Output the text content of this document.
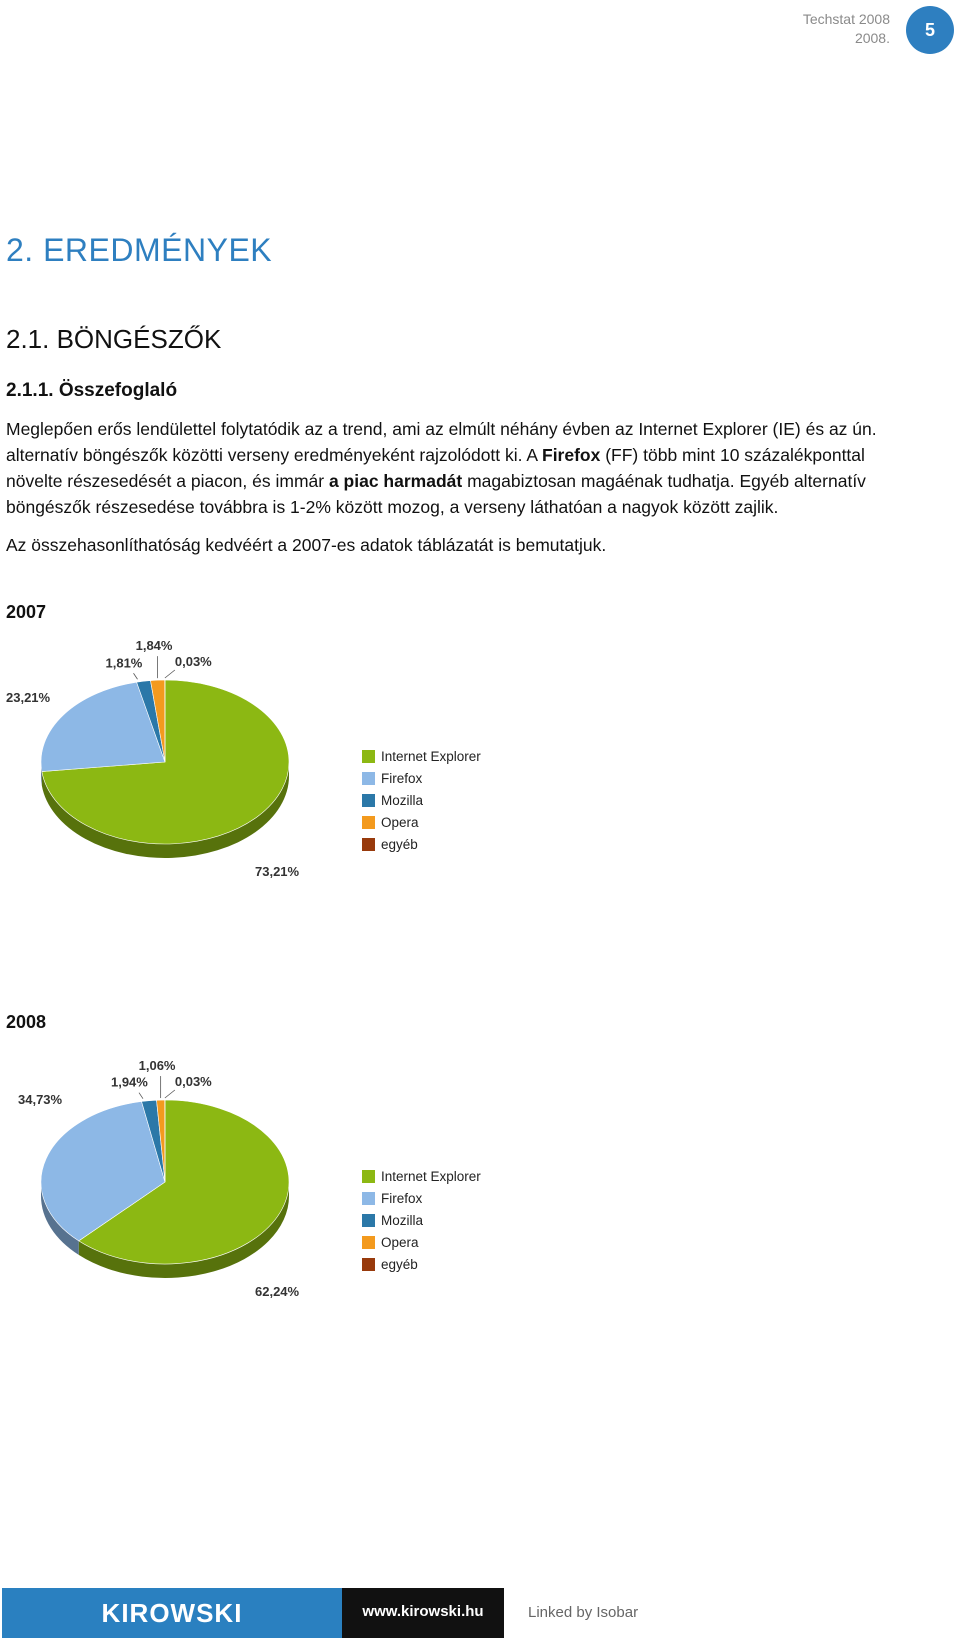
Techstat 2008
2008.	5
2. EREDMÉNYEK
2.1. BÖNGÉSZŐK
2.1.1. Összefoglaló
Meglepően erős lendülettel folytatódik az a trend, ami az elmúlt néhány évben az Internet Explorer (IE) és az ún. alternatív böngészők közötti verseny eredményeként rajzolódott ki. A Firefox (FF) több mint 10 százalékponttal növelte részesedését a piacon, és immár a piac harmadát magabiztosan magáénak tudhatja. Egyéb alternatív böngészők részesedése továbbra is 1-2% között mozog, a verseny láthatóan a nagyok között zajlik.
Az összehasonlíthatóság kedvéért a 2007-es adatok táblázatát is bemutatjuk.
2007
73,21%
23,21%
1,81%
1,84%
0,03%
Internet Explorer
Firefox
Mozilla
Opera
egyéb
2008
62,24%
34,73%
1,94%
1,06%
0,03%
Internet Explorer
Firefox
Mozilla
Opera
egyéb
KIROWSKI	www.kirowski.hu	Linked by Isobar
